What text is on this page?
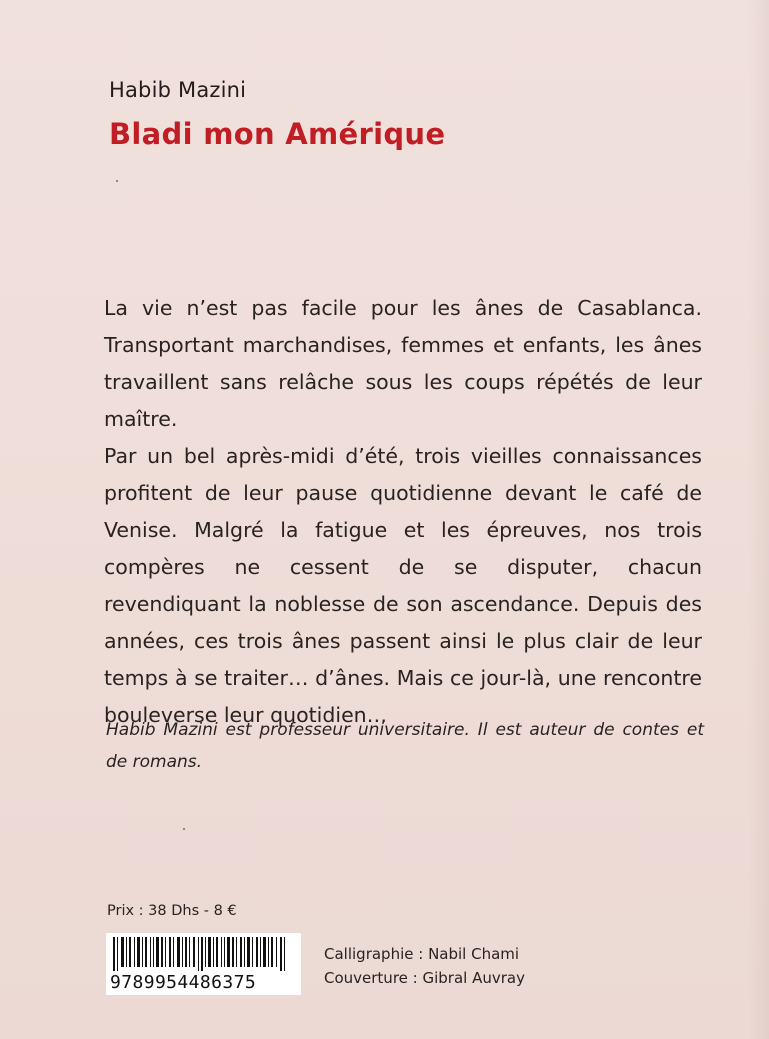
Habib Mazini
Bladi mon Amérique

La vie n’est pas facile pour les ânes de Casablanca. Transportant marchandises, femmes et enfants, les ânes travaillent sans relâche sous les coups répétés de leur maître.

Par un bel après-midi d’été, trois vieilles connaissances profitent de leur pause quotidienne devant le café de Venise. Malgré la fatigue et les épreuves, nos trois compères ne cessent de se disputer, chacun revendiquant la noblesse de son ascendance. Depuis des années, ces trois ânes passent ainsi le plus clair de leur temps à se traiter… d’ânes. Mais ce jour-là, une rencontre bouleverse leur quotidien…

Habib Mazini est professeur universitaire. Il est auteur de contes et de romans.
Prix : 38 Dhs - 8 €
9789954486375
Calligraphie : Nabil Chami
Couverture : Gibral Auvray
